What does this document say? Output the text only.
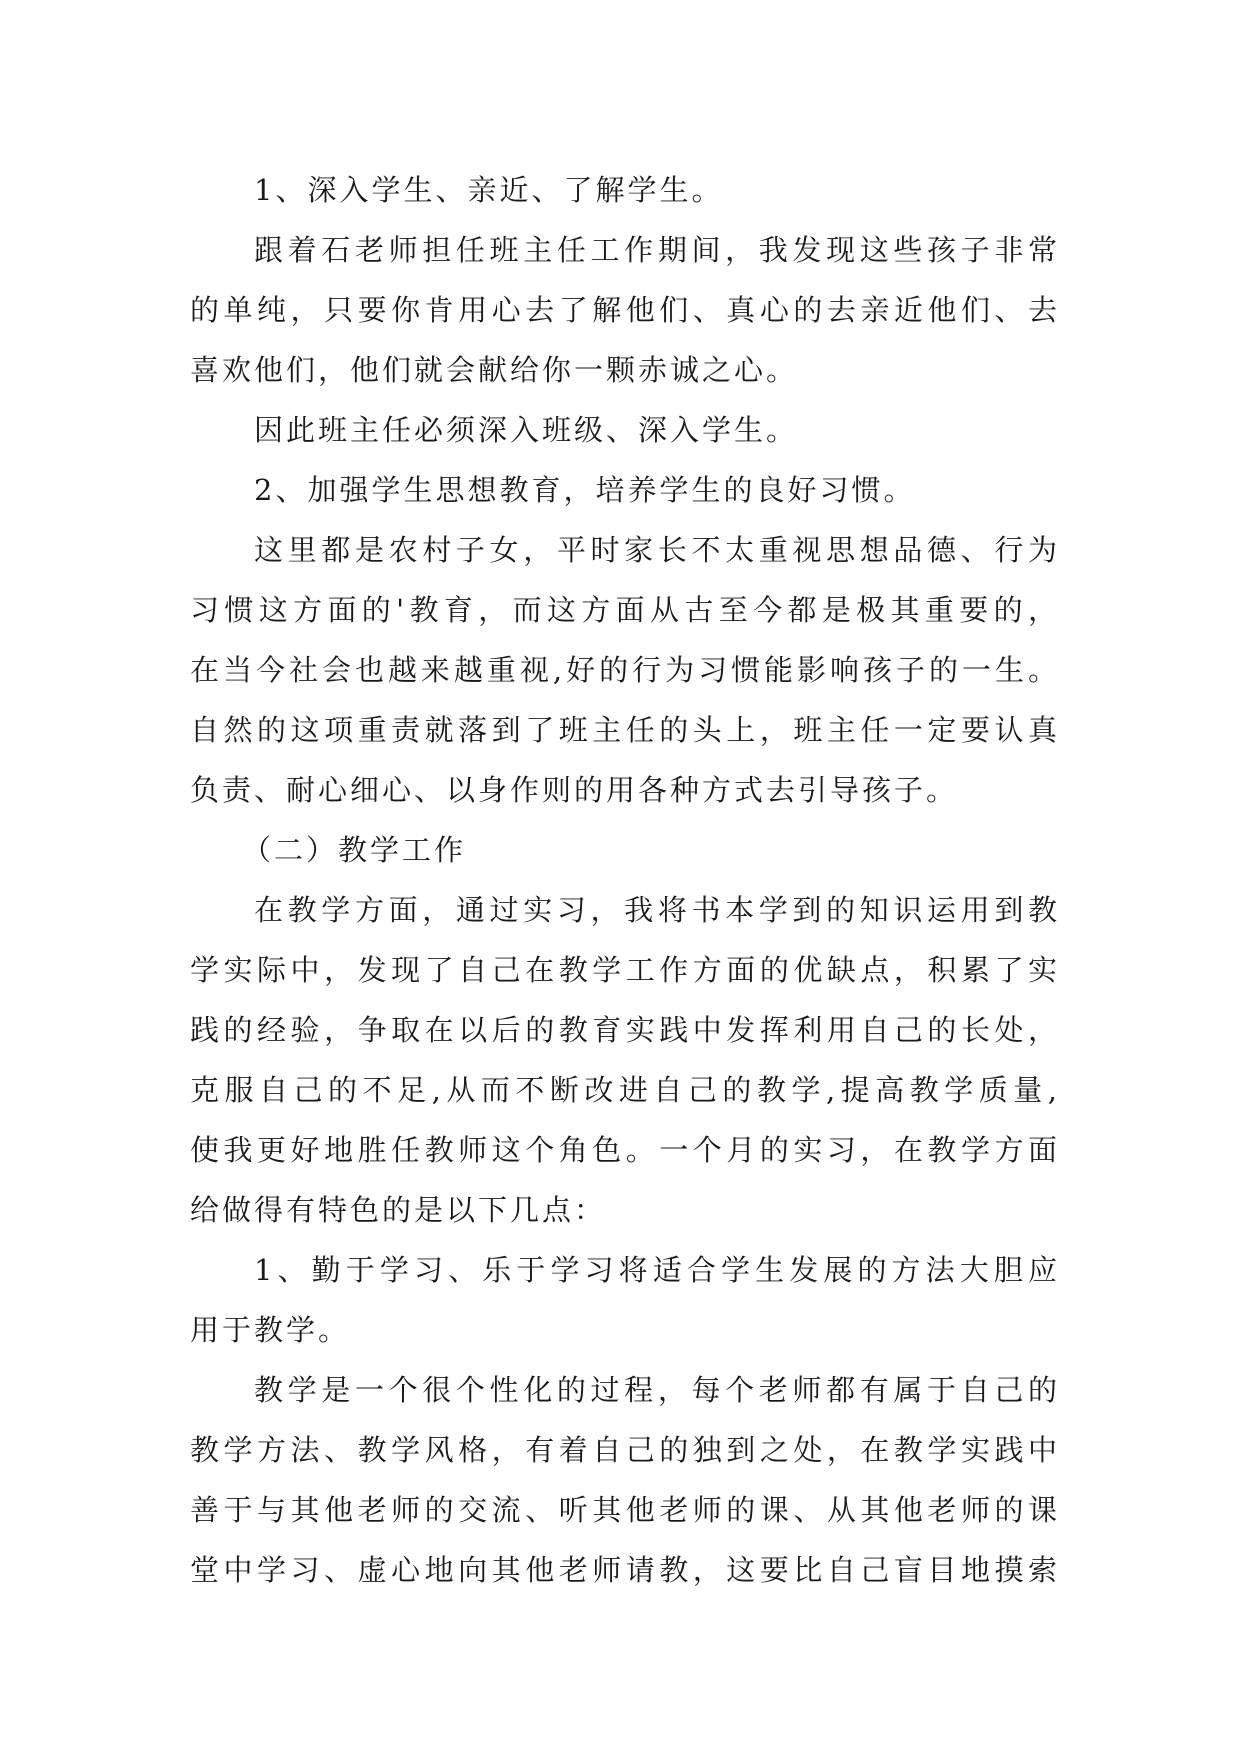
1、深入学生、亲近、了解学生。
跟着石老师担任班主任工作期间，我发现这些孩子非常
的单纯，只要你肯用心去了解他们、真心的去亲近他们、去
喜欢他们，他们就会献给你一颗赤诚之心。
因此班主任必须深入班级、深入学生。
2、加强学生思想教育，培养学生的良好习惯。
这里都是农村子女，平时家长不太重视思想品德、行为
习惯这方面的'教育，而这方面从古至今都是极其重要的，
在当今社会也越来越重视,好的行为习惯能影响孩子的一生。
自然的这项重责就落到了班主任的头上，班主任一定要认真
负责、耐心细心、以身作则的用各种方式去引导孩子。
（二）教学工作
在教学方面，通过实习，我将书本学到的知识运用到教
学实际中，发现了自己在教学工作方面的优缺点，积累了实
践的经验，争取在以后的教育实践中发挥利用自己的长处，
克服自己的不足,从而不断改进自己的教学,提高教学质量,
使我更好地胜任教师这个角色。一个月的实习，在教学方面
给做得有特色的是以下几点：
1、勤于学习、乐于学习将适合学生发展的方法大胆应
用于教学。
教学是一个很个性化的过程，每个老师都有属于自己的
教学方法、教学风格，有着自己的独到之处，在教学实践中
善于与其他老师的交流、听其他老师的课、从其他老师的课
堂中学习、虚心地向其他老师请教，这要比自己盲目地摸索
